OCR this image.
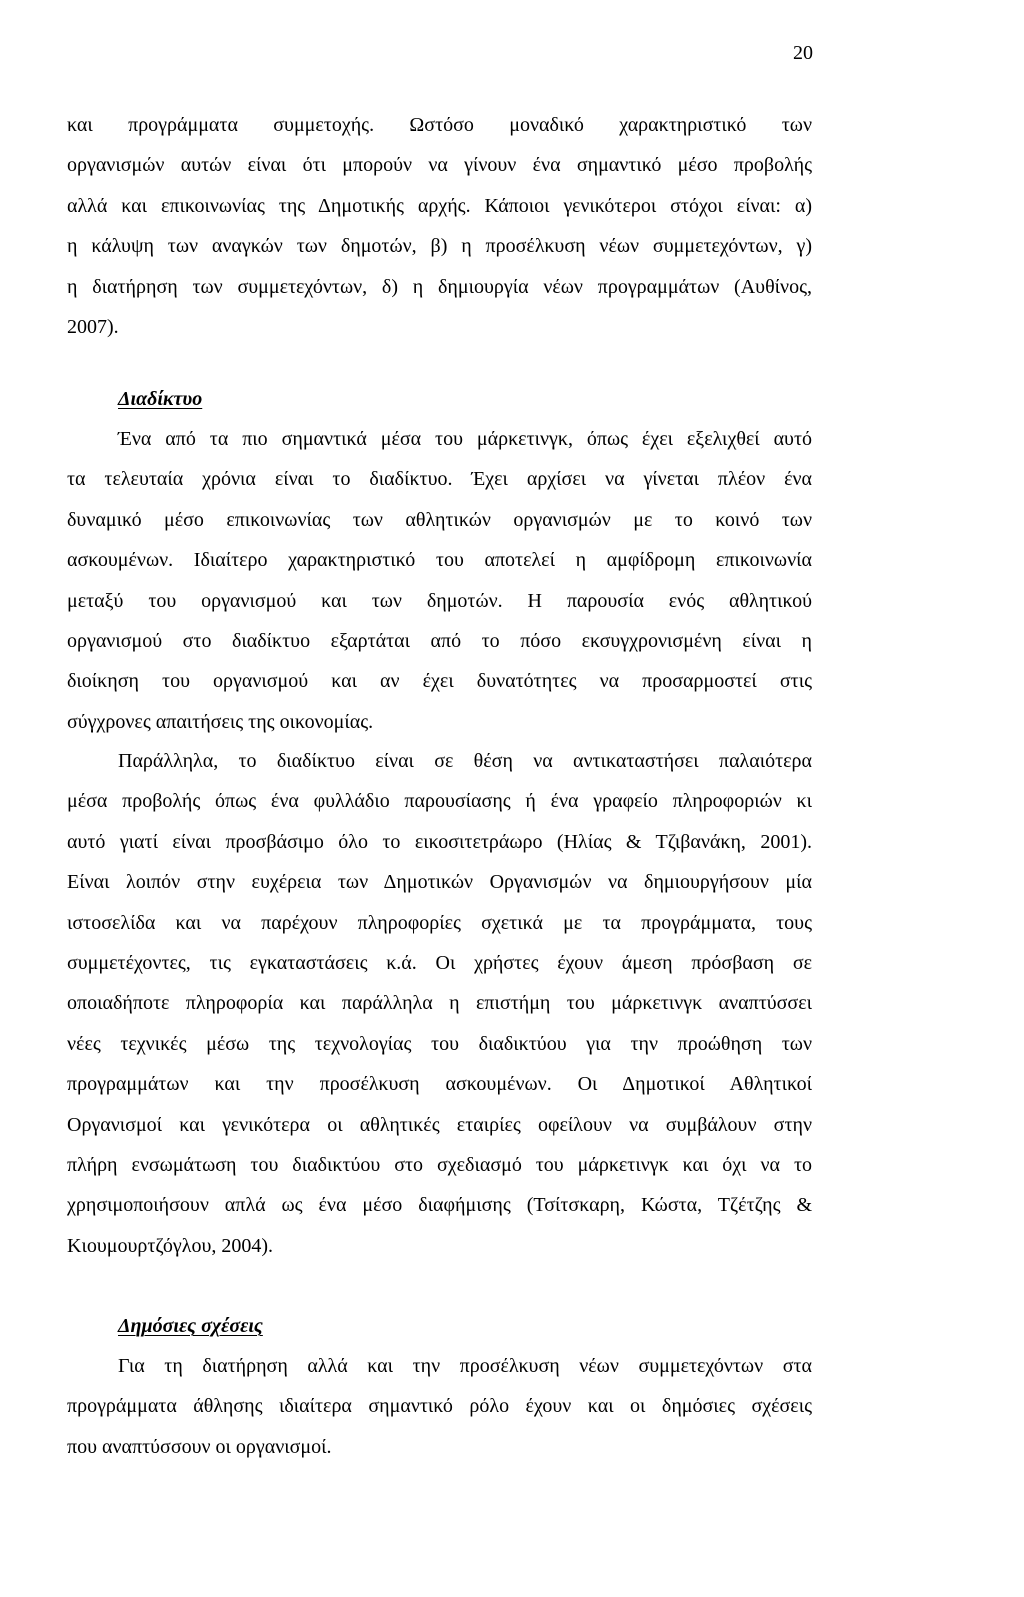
20
και προγράμματα συμμετοχής. Ωστόσο μοναδικό χαρακτηριστικό των
οργανισμών αυτών είναι ότι μπορούν να γίνουν ένα σημαντικό μέσο προβολής
αλλά και επικοινωνίας της Δημοτικής αρχής. Κάποιοι γενικότεροι στόχοι είναι: α)
η κάλυψη των αναγκών των δημοτών, β) η προσέλκυση νέων συμμετεχόντων, γ)
η διατήρηση των συμμετεχόντων, δ) η δημιουργία νέων προγραμμάτων (Αυθίνος,
2007).
Διαδίκτυο
Ένα από τα πιο σημαντικά μέσα του μάρκετινγκ, όπως έχει εξελιχθεί αυτό
τα τελευταία χρόνια είναι το διαδίκτυο. Έχει αρχίσει να γίνεται πλέον ένα
δυναμικό μέσο επικοινωνίας των αθλητικών οργανισμών με το κοινό των
ασκουμένων. Ιδιαίτερο χαρακτηριστικό του αποτελεί η αμφίδρομη επικοινωνία
μεταξύ του οργανισμού και των δημοτών. Η παρουσία ενός αθλητικού
οργανισμού στο διαδίκτυο εξαρτάται από το πόσο εκσυγχρονισμένη είναι η
διοίκηση του οργανισμού και αν έχει δυνατότητες να προσαρμοστεί στις
σύγχρονες απαιτήσεις της οικονομίας.
Παράλληλα, το διαδίκτυο είναι σε θέση να αντικαταστήσει παλαιότερα
μέσα προβολής όπως ένα φυλλάδιο παρουσίασης ή ένα γραφείο πληροφοριών κι
αυτό γιατί είναι προσβάσιμο όλο το εικοσιτετράωρο (Ηλίας & Τζιβανάκη, 2001).
Είναι λοιπόν στην ευχέρεια των Δημοτικών Οργανισμών να δημιουργήσουν μία
ιστοσελίδα και να παρέχουν πληροφορίες σχετικά με τα προγράμματα, τους
συμμετέχοντες, τις εγκαταστάσεις κ.ά. Οι χρήστες έχουν άμεση πρόσβαση σε
οποιαδήποτε πληροφορία και παράλληλα η επιστήμη του μάρκετινγκ αναπτύσσει
νέες τεχνικές μέσω της τεχνολογίας του διαδικτύου για την προώθηση των
προγραμμάτων και την προσέλκυση ασκουμένων. Οι Δημοτικοί Αθλητικοί
Οργανισμοί και γενικότερα οι αθλητικές εταιρίες οφείλουν να συμβάλουν στην
πλήρη ενσωμάτωση του διαδικτύου στο σχεδιασμό του μάρκετινγκ και όχι να το
χρησιμοποιήσουν απλά ως ένα μέσο διαφήμισης (Τσίτσκαρη, Κώστα, Τζέτζης &
Κιουμουρτζόγλου, 2004).
Δημόσιες σχέσεις
Για τη διατήρηση αλλά και την προσέλκυση νέων συμμετεχόντων στα
προγράμματα άθλησης ιδιαίτερα σημαντικό ρόλο έχουν και οι δημόσιες σχέσεις
που αναπτύσσουν οι οργανισμοί.
